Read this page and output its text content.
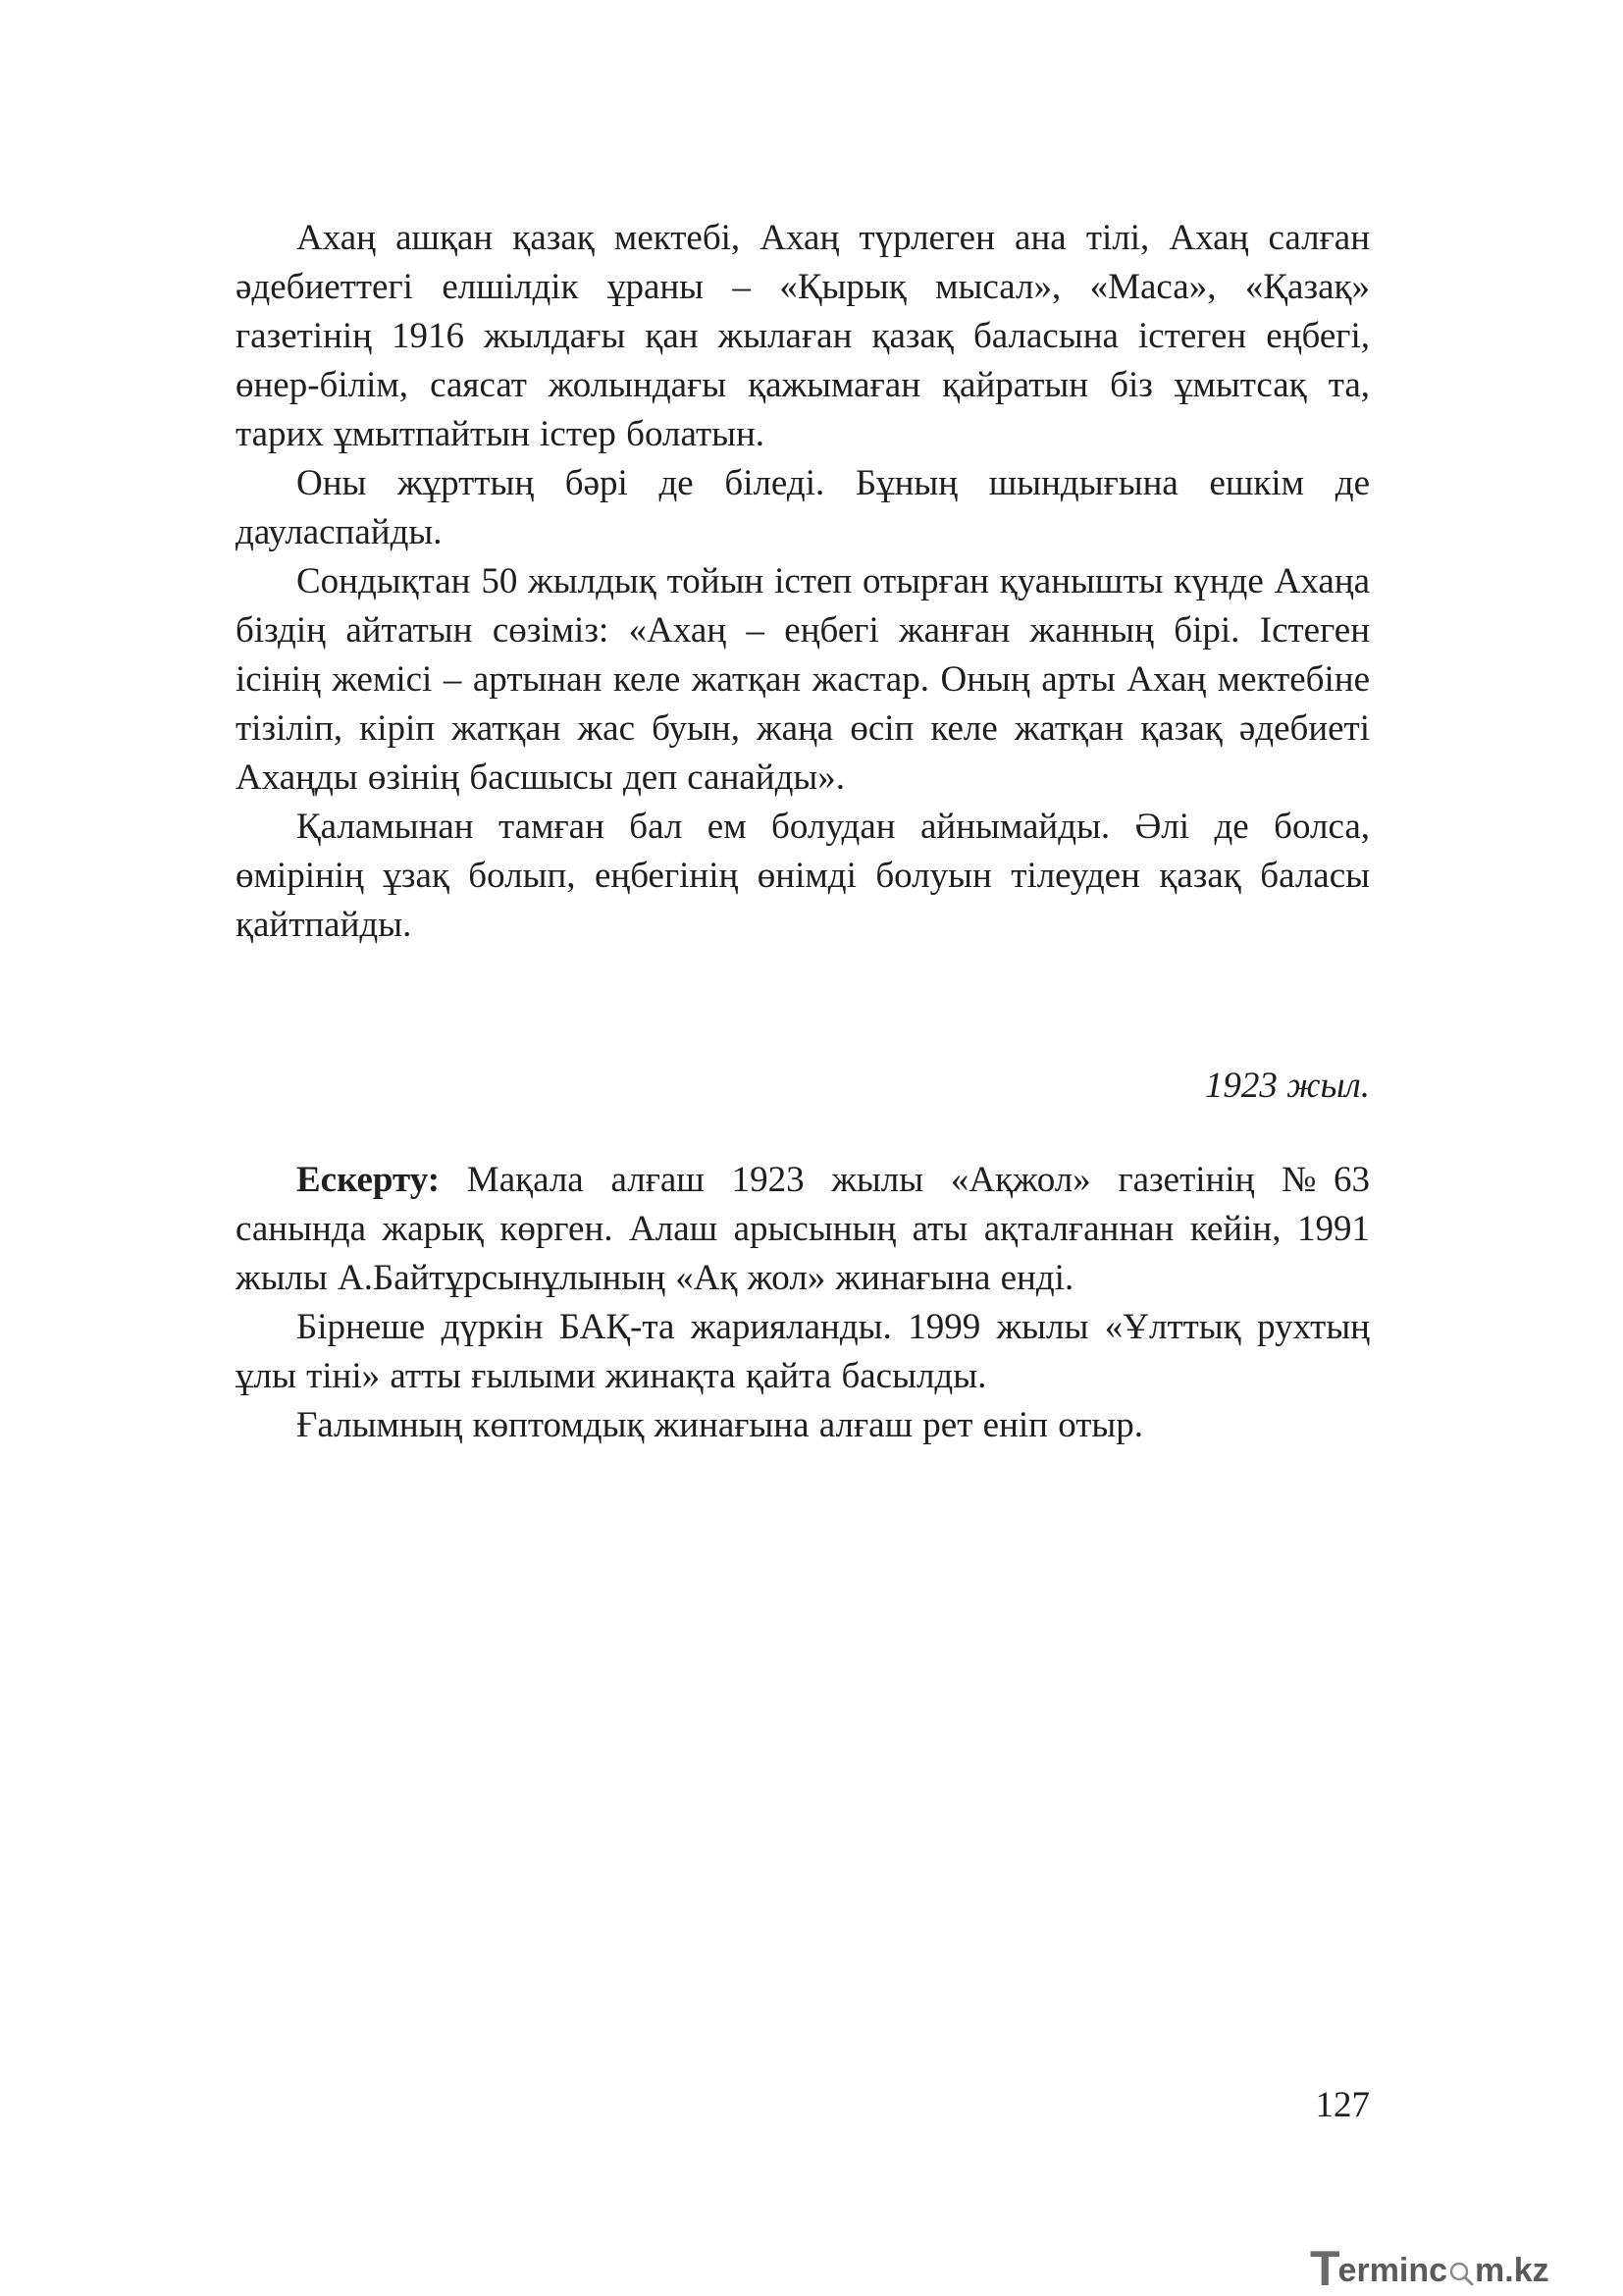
Ахаң ашқан қазақ мектебі, Ахаң түрлеген ана тілі, Ахаң салған әдебиеттегі елшілдік ұраны – «Қырық мысал», «Маса», «Қазақ» газетінің 1916 жылдағы қан жылаған қазақ баласына істеген еңбегі, өнер-білім, саясат жолындағы қажымаған қайратын біз ұмытсақ та, тарих ұмытпайтын істер болатын.

Оны жұрттың бәрі де біледі. Бұның шындығына ешкім де дауласпайды.

Сондықтан 50 жылдық тойын істеп отырған қуанышты күнде Ахаңа біздің айтатын сөзіміз: «Ахаң – еңбегі жанған жанның бірі. Істеген ісінің жемісі – артынан келе жатқан жастар. Оның арты Ахаң мектебіне тізіліп, кіріп жатқан жас буын, жаңа өсіп келе жатқан қазақ әдебиеті Ахаңды өзінің басшысы деп санайды».

Қаламынан тамған бал ем болудан айнымайды. Әлі де болса, өмірінің ұзақ болып, еңбегінің өнімді болуын тілеуден қазақ баласы қайтпайды.

1923 жыл.

Ескерту: Мақала алғаш 1923 жылы «Ақжол» газетінің №63 санында жарық көрген. Алаш арысының аты ақталғаннан кейін, 1991 жылы А.Байтұрсынұлының «Ақ жол» жинағына енді.

Бірнеше дүркін БАҚ-та жарияланды. 1999 жылы «Ұлттық рухтың ұлы тіні» атты ғылыми жинақта қайта басылды.

Ғалымның көптомдық жинағына алғаш рет еніп отыр.

127
T
erminc m.kz
